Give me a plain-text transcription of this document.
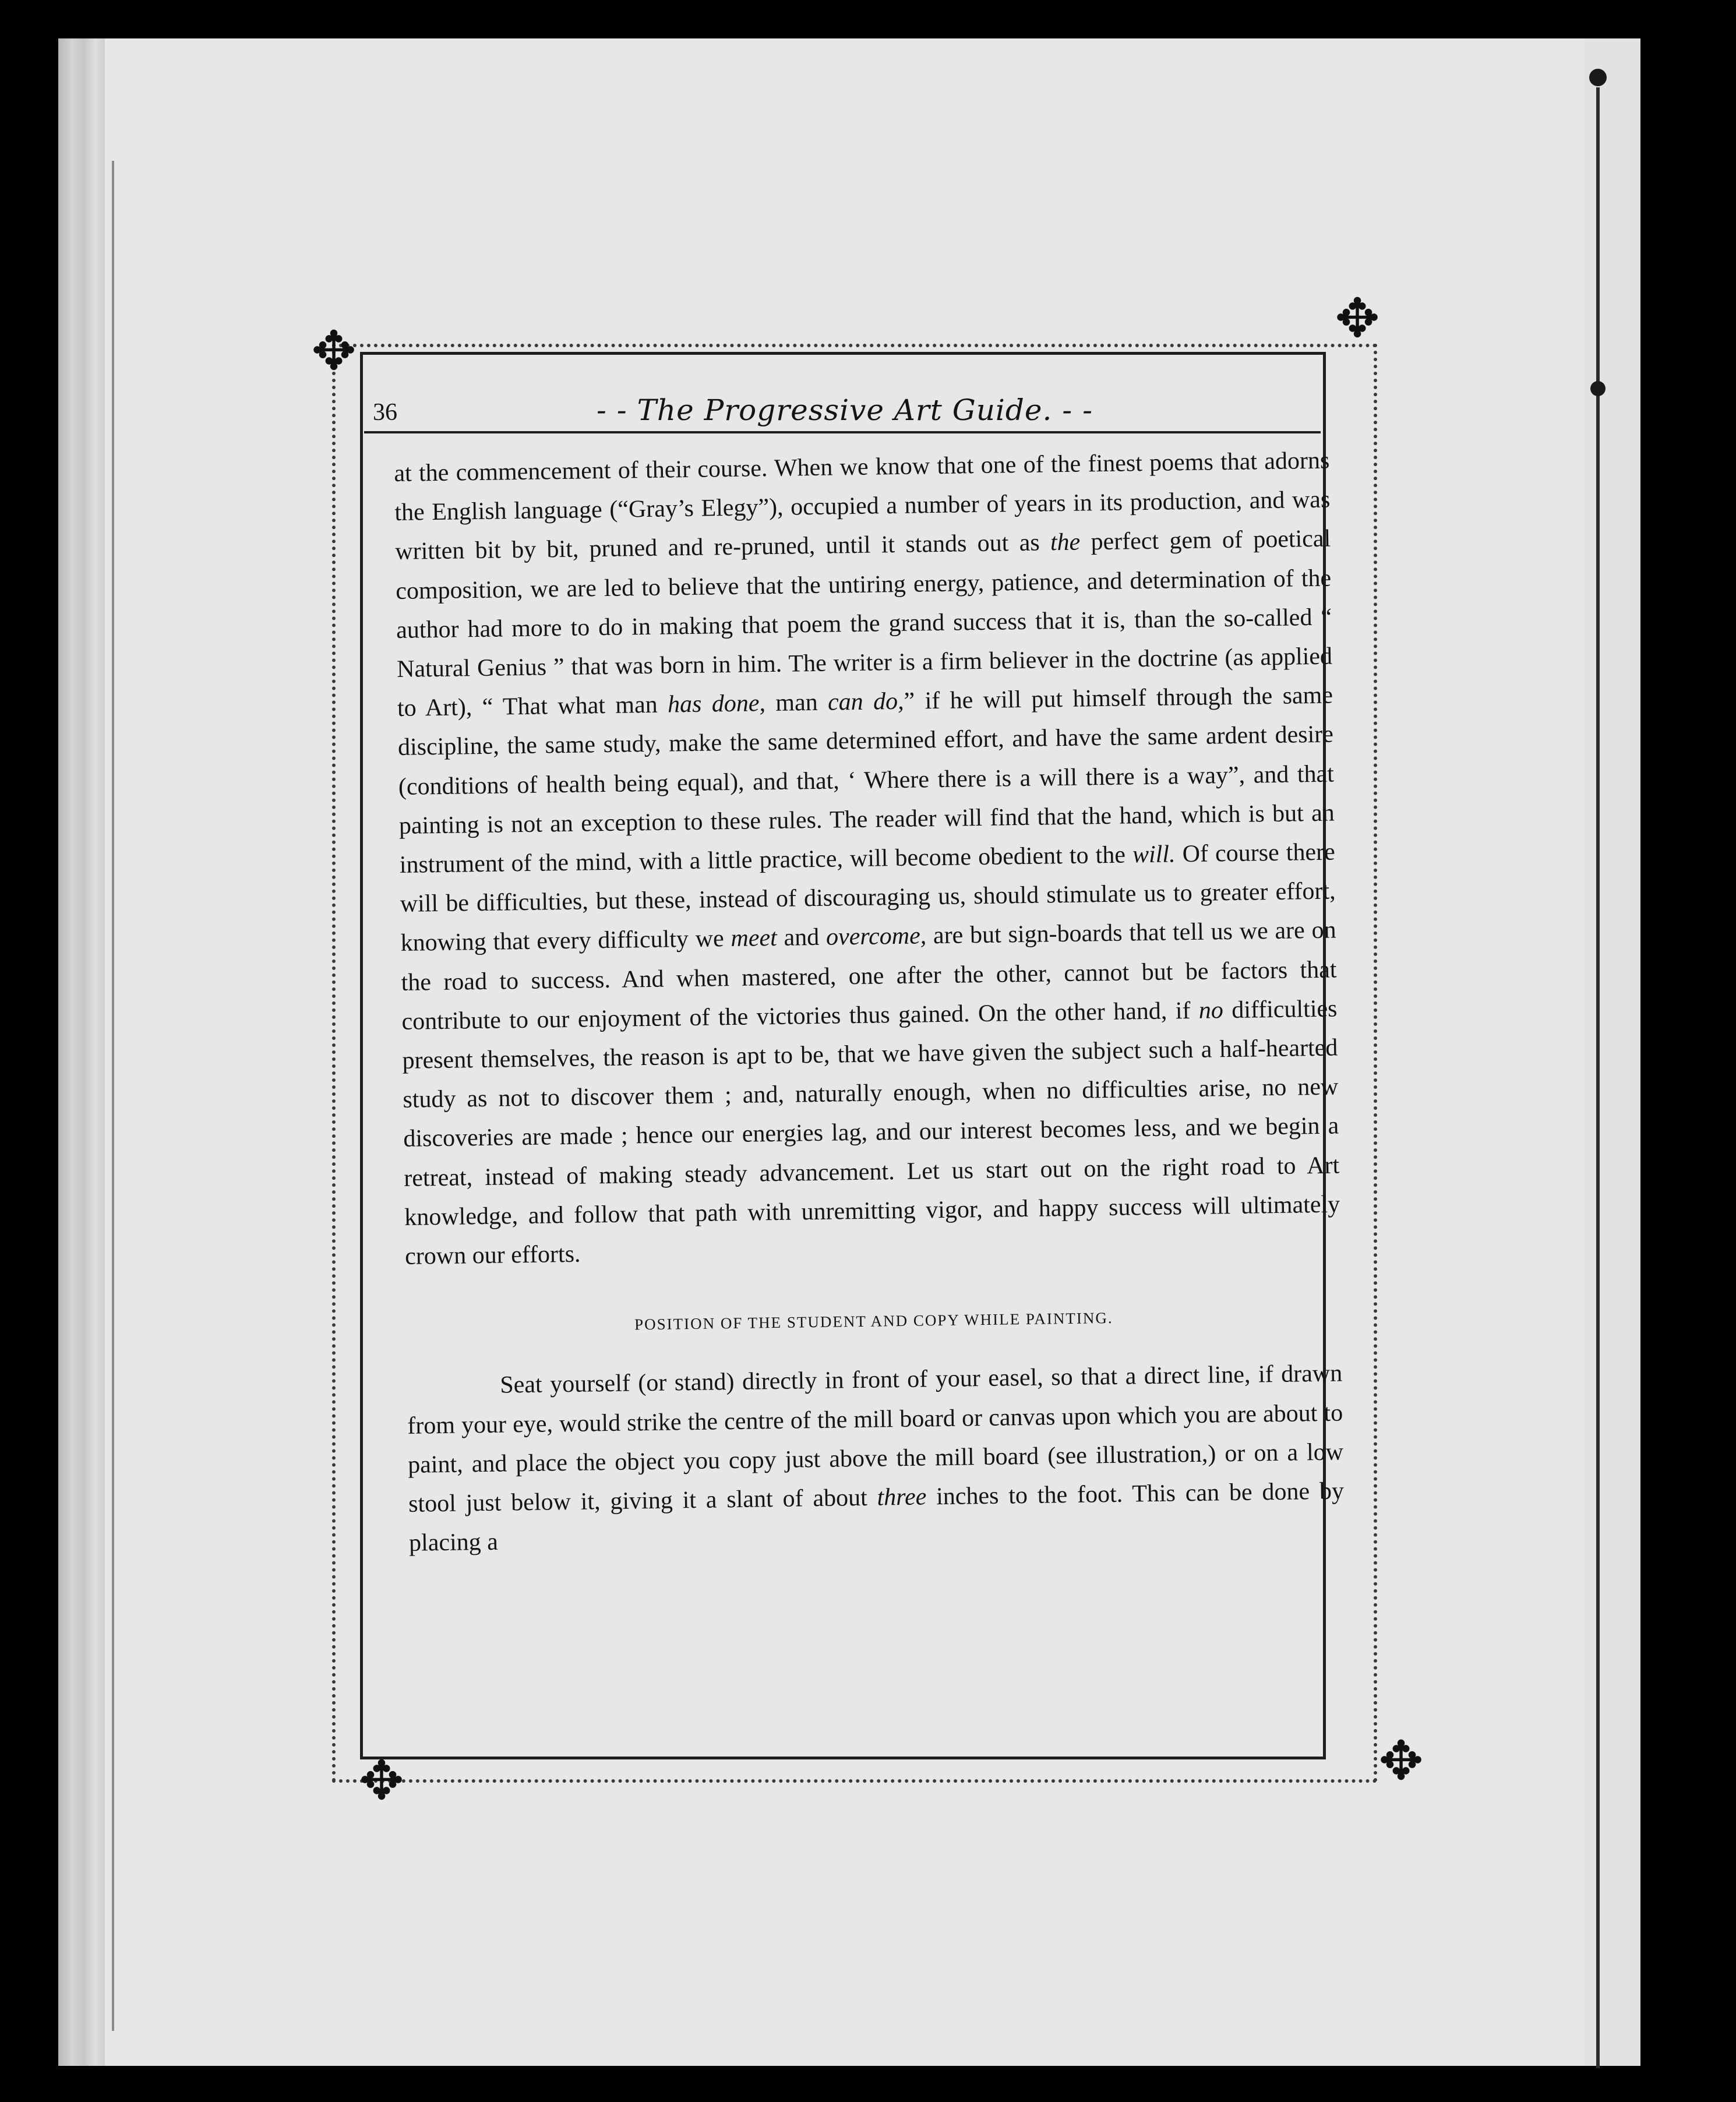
✥
✥
✥	✥
36	- - The Progressive Art Guide. - -

at the commencement of their course. When we know that one of the finest poems that adorns the English language (“Gray’s Elegy”), occupied a number of years in its production, and was written bit by bit, pruned and re-pruned, until it stands out as the perfect gem of poetical composition, we are led to believe that the untiring energy, patience, and determination of the author had more to do in making that poem the grand success that it is, than the so-called “ Natural Genius ” that was born in him. The writer is a firm believer in the doctrine (as applied to Art), “ That what man has done, man can do,” if he will put himself through the same discipline, the same study, make the same determined effort, and have the same ardent desire (conditions of health being equal), and that, ‘ Where there is a will there is a way”, and that painting is not an exception to these rules. The reader will find that the hand, which is but an instrument of the mind, with a little practice, will become obedient to the will. Of course there will be difficulties, but these, instead of discouraging us, should stimulate us to greater effort, knowing that every difficulty we meet and overcome, are but sign-boards that tell us we are on the road to success. And when mastered, one after the other, cannot but be factors that contribute to our enjoyment of the victories thus gained. On the other hand, if no difficulties present themselves, the reason is apt to be, that we have given the subject such a half-hearted study as not to discover them ; and, naturally enough, when no difficulties arise, no new discoveries are made ; hence our energies lag, and our interest becomes less, and we begin a retreat, instead of making steady advancement. Let us start out on the right road to Art knowledge, and follow that path with unremitting vigor, and happy success will ultimately crown our efforts.

POSITION OF THE STUDENT AND COPY WHILE PAINTING.

Seat yourself (or stand) directly in front of your easel, so that a direct line, if drawn from your eye, would strike the centre of the mill board or canvas upon which you are about to paint, and place the object you copy just above the mill board (see illustration,) or on a low stool just below it, giving it a slant of about three inches to the foot. This can be done by placing a
